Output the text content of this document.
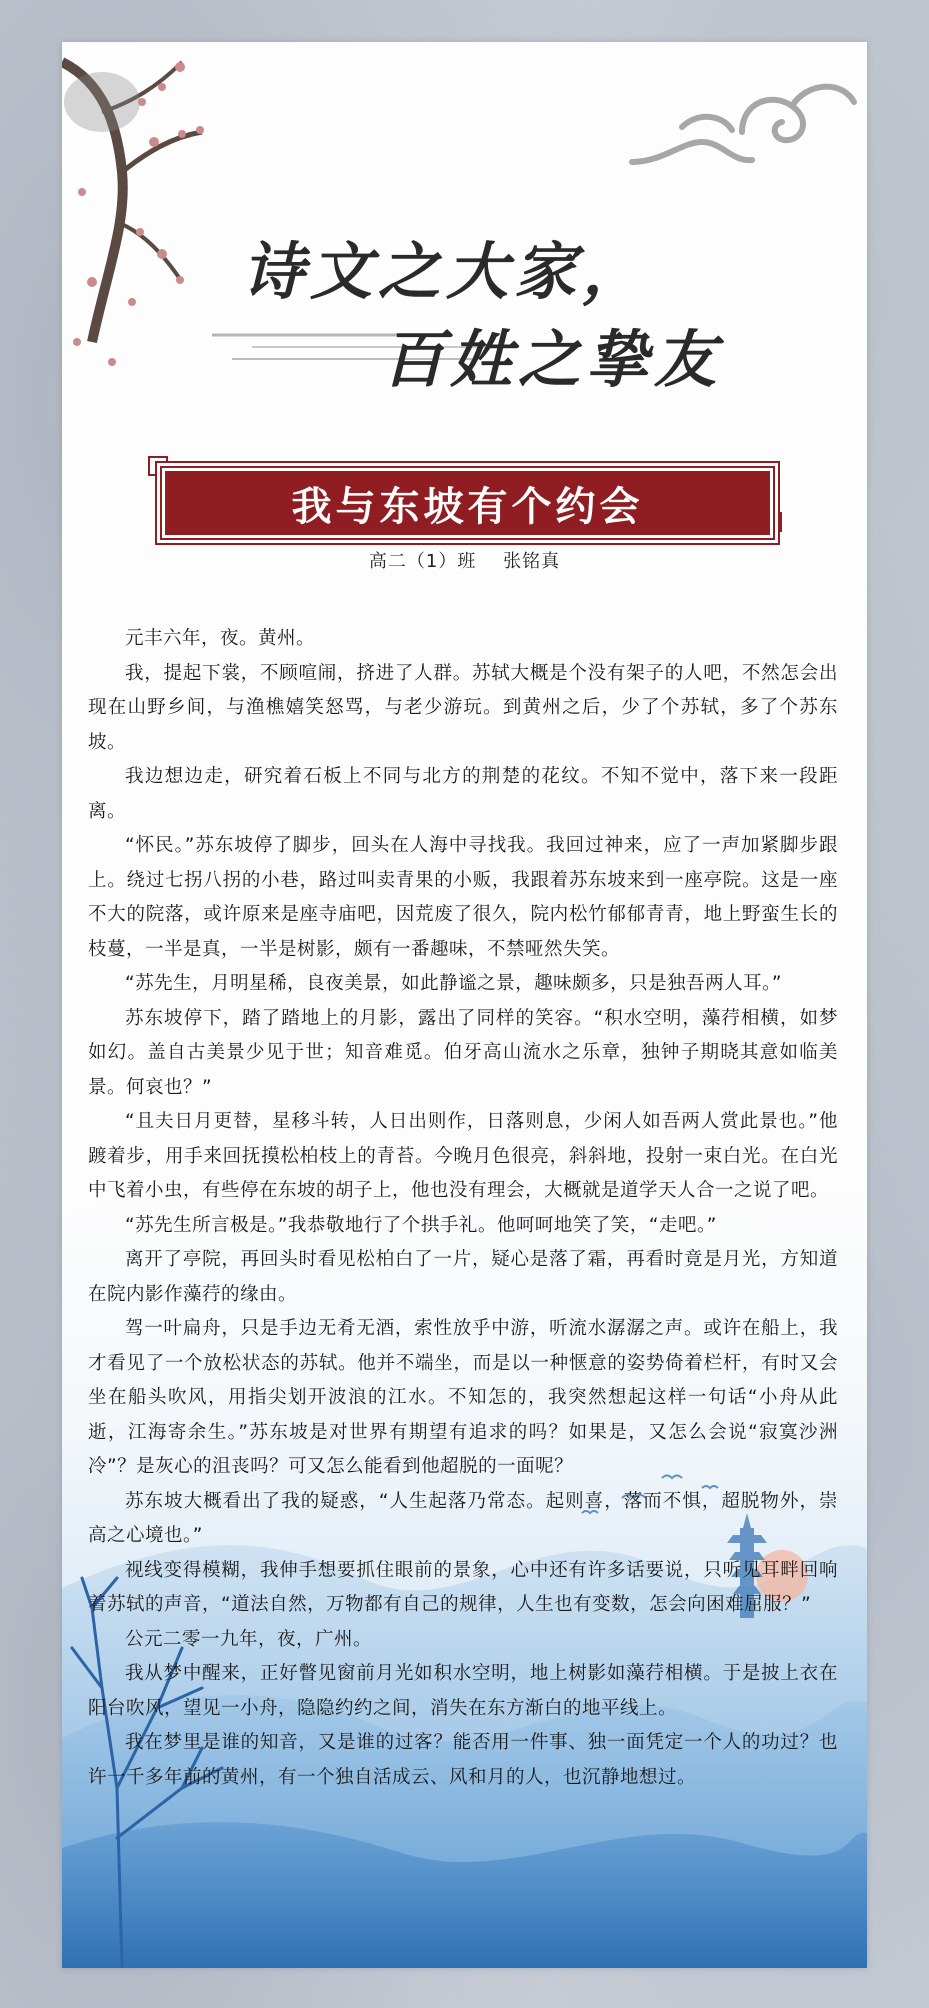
诗文之大家，
百姓之挚友
我与东坡有个约会
高二（1）班 张铭真

元丰六年，夜。黄州。

我，提起下裳，不顾喧闹，挤进了人群。苏轼大概是个没有架子的人吧，不然怎会出现在山野乡间，与渔樵嬉笑怒骂，与老少游玩。到黄州之后，少了个苏轼，多了个苏东坡。

我边想边走，研究着石板上不同与北方的荆楚的花纹。不知不觉中，落下来一段距离。

“怀民。”苏东坡停了脚步，回头在人海中寻找我。我回过神来，应了一声加紧脚步跟上。绕过七拐八拐的小巷，路过叫卖青果的小贩，我跟着苏东坡来到一座亭院。这是一座不大的院落，或许原来是座寺庙吧，因荒废了很久，院内松竹郁郁青青，地上野蛮生长的枝蔓，一半是真，一半是树影，颇有一番趣味，不禁哑然失笑。

“苏先生，月明星稀，良夜美景，如此静谧之景，趣味颇多，只是独吾两人耳。”

苏东坡停下，踏了踏地上的月影，露出了同样的笑容。“积水空明，藻荇相横，如梦如幻。盖自古美景少见于世；知音难觅。伯牙高山流水之乐章，独钟子期晓其意如临美景。何哀也？”

“且夫日月更替，星移斗转，人日出则作，日落则息，少闲人如吾两人赏此景也。”他踱着步，用手来回抚摸松柏枝上的青苔。今晚月色很亮，斜斜地，投射一束白光。在白光中飞着小虫，有些停在东坡的胡子上，他也没有理会，大概就是道学天人合一之说了吧。

“苏先生所言极是。”我恭敬地行了个拱手礼。他呵呵地笑了笑，“走吧。”

离开了亭院，再回头时看见松柏白了一片，疑心是落了霜，再看时竟是月光，方知道在院内影作藻荇的缘由。

驾一叶扁舟，只是手边无肴无酒，索性放乎中游，听流水潺潺之声。或许在船上，我才看见了一个放松状态的苏轼。他并不端坐，而是以一种惬意的姿势倚着栏杆，有时又会坐在船头吹风，用指尖划开波浪的江水。不知怎的，我突然想起这样一句话“小舟从此逝，江海寄余生。”苏东坡是对世界有期望有追求的吗？如果是，又怎么会说“寂寞沙洲冷”？是灰心的沮丧吗？可又怎么能看到他超脱的一面呢？

苏东坡大概看出了我的疑惑，“人生起落乃常态。起则喜，落而不惧，超脱物外，崇高之心境也。”

视线变得模糊，我伸手想要抓住眼前的景象，心中还有许多话要说，只听见耳畔回响着苏轼的声音，“道法自然，万物都有自己的规律，人生也有变数，怎会向困难屈服？”

公元二零一九年，夜，广州。

我从梦中醒来，正好瞥见窗前月光如积水空明，地上树影如藻荇相横。于是披上衣在阳台吹风，望见一小舟，隐隐约约之间，消失在东方渐白的地平线上。

我在梦里是谁的知音，又是谁的过客？能否用一件事、独一面凭定一个人的功过？也许一千多年前的黄州，有一个独自活成云、风和月的人，也沉静地想过。
